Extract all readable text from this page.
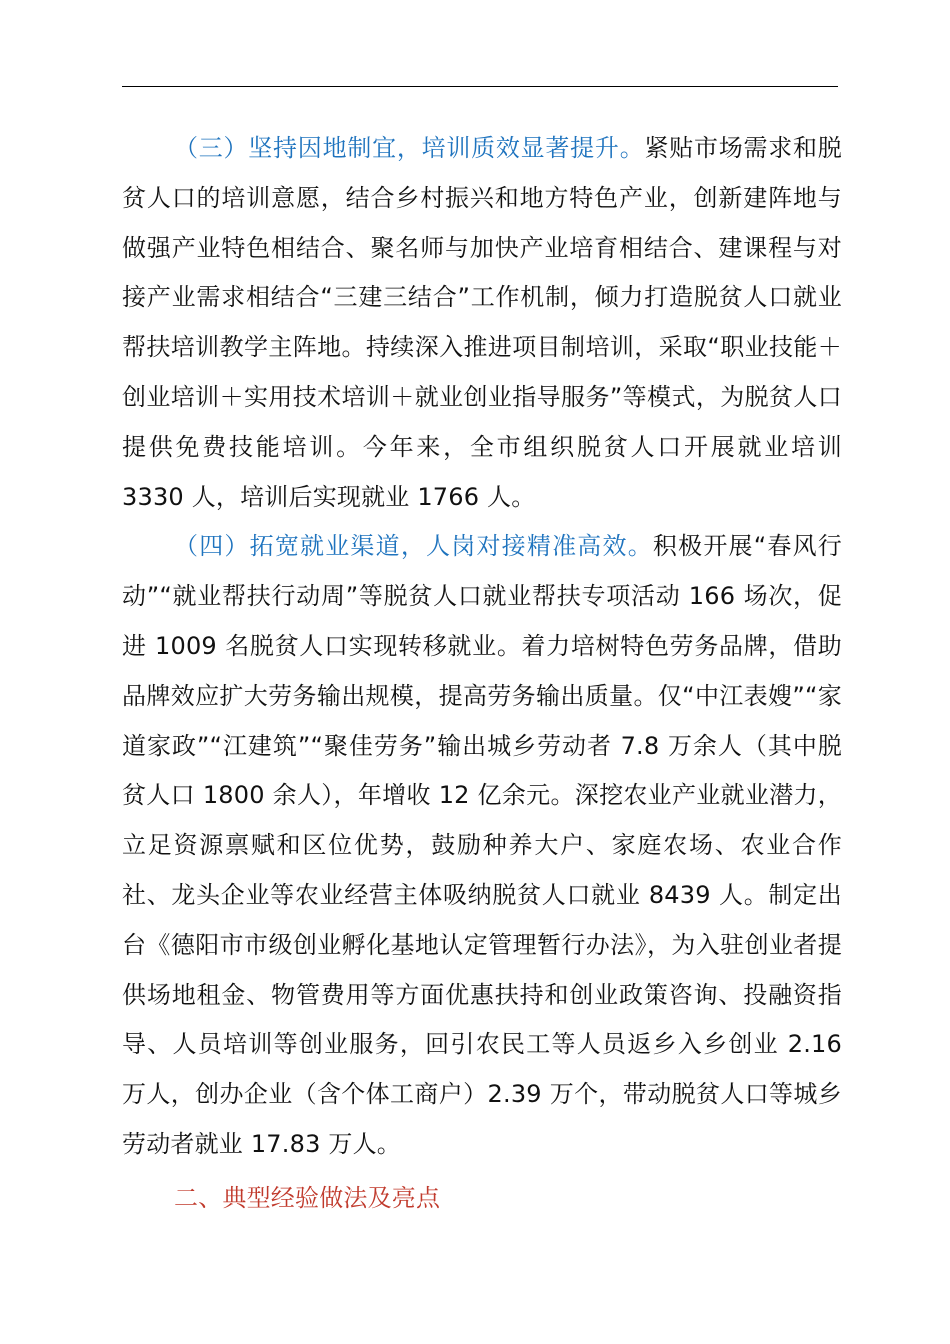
（三）坚持因地制宜，培训质效显著提升。紧贴市场需求和脱贫人口的培训意愿，结合乡村振兴和地方特色产业，创新建阵地与做强产业特色相结合、聚名师与加快产业培育相结合、建课程与对接产业需求相结合“三建三结合”工作机制，倾力打造脱贫人口就业帮扶培训教学主阵地。持续深入推进项目制培训，采取“职业技能＋创业培训＋实用技术培训＋就业创业指导服务”等模式，为脱贫人口提供免费技能培训。今年来，全市组织脱贫人口开展就业培训 3330 人，培训后实现就业 1766 人。

（四）拓宽就业渠道，人岗对接精准高效。积极开展“春风行动”“就业帮扶行动周”等脱贫人口就业帮扶专项活动 166 场次，促进 1009 名脱贫人口实现转移就业。着力培树特色劳务品牌，借助品牌效应扩大劳务输出规模，提高劳务输出质量。仅“中江表嫂”“家道家政”“江建筑”“聚佳劳务”输出城乡劳动者 7.8 万余人（其中脱贫人口 1800 余人），年增收 12 亿余元。深挖农业产业就业潜力，立足资源禀赋和区位优势，鼓励种养大户、家庭农场、农业合作社、龙头企业等农业经营主体吸纳脱贫人口就业 8439 人。制定出台《德阳市市级创业孵化基地认定管理暂行办法》，为入驻创业者提供场地租金、物管费用等方面优惠扶持和创业政策咨询、投融资指导、人员培训等创业服务，回引农民工等人员返乡入乡创业 2.16 万人，创办企业（含个体工商户）2.39 万个，带动脱贫人口等城乡劳动者就业 17.83 万人。

二、典型经验做法及亮点
